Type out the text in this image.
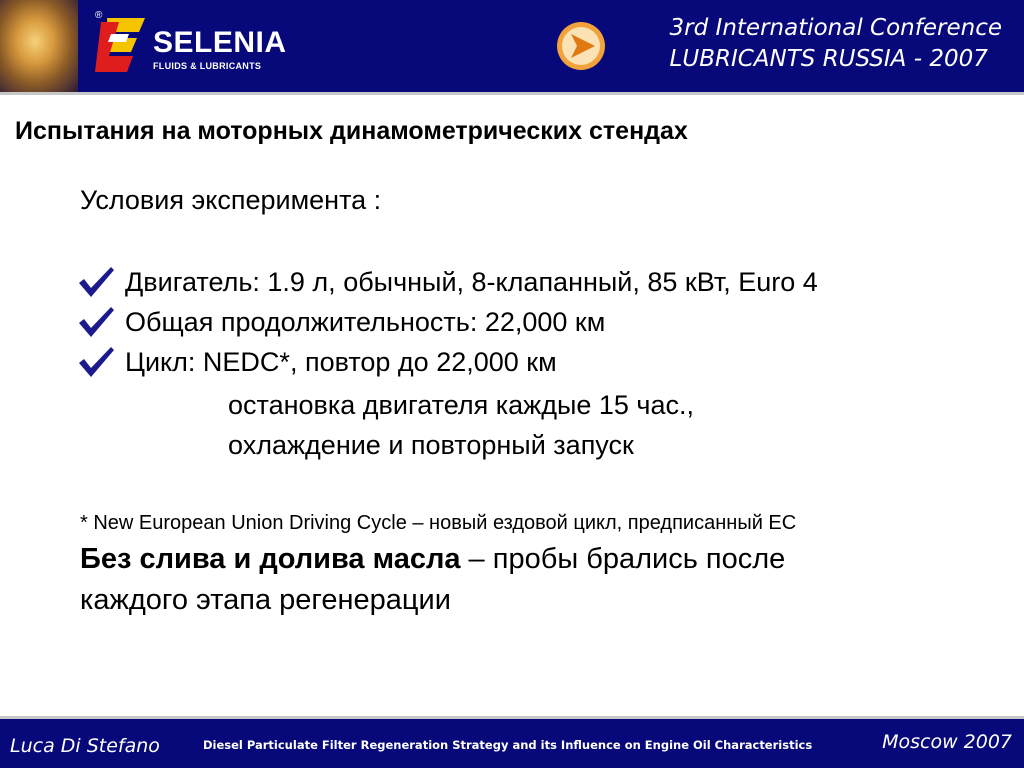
®
SELENIA
FLUIDS & LUBRICANTS
3rd International Conference
LUBRICANTS RUSSIA - 2007
Испытания на моторных динамометрических стендах
Условия эксперимента :
Двигатель: 1.9 л, обычный, 8-клапанный, 85 кВт, Euro 4
Общая продолжительность: 22,000 км
Цикл: NEDC*, повтор до 22,000 км
остановка двигателя каждые 15 час.,
охлаждение и повторный запуск
* New European Union Driving Cycle – новый ездовой цикл, предписанный ЕС
Без слива и долива масла – пробы брались после
каждого этапа регенерации
Luca Di Stefano	Diesel Particulate Filter Regeneration Strategy and its Influence on Engine Oil Characteristics	Moscow 2007
